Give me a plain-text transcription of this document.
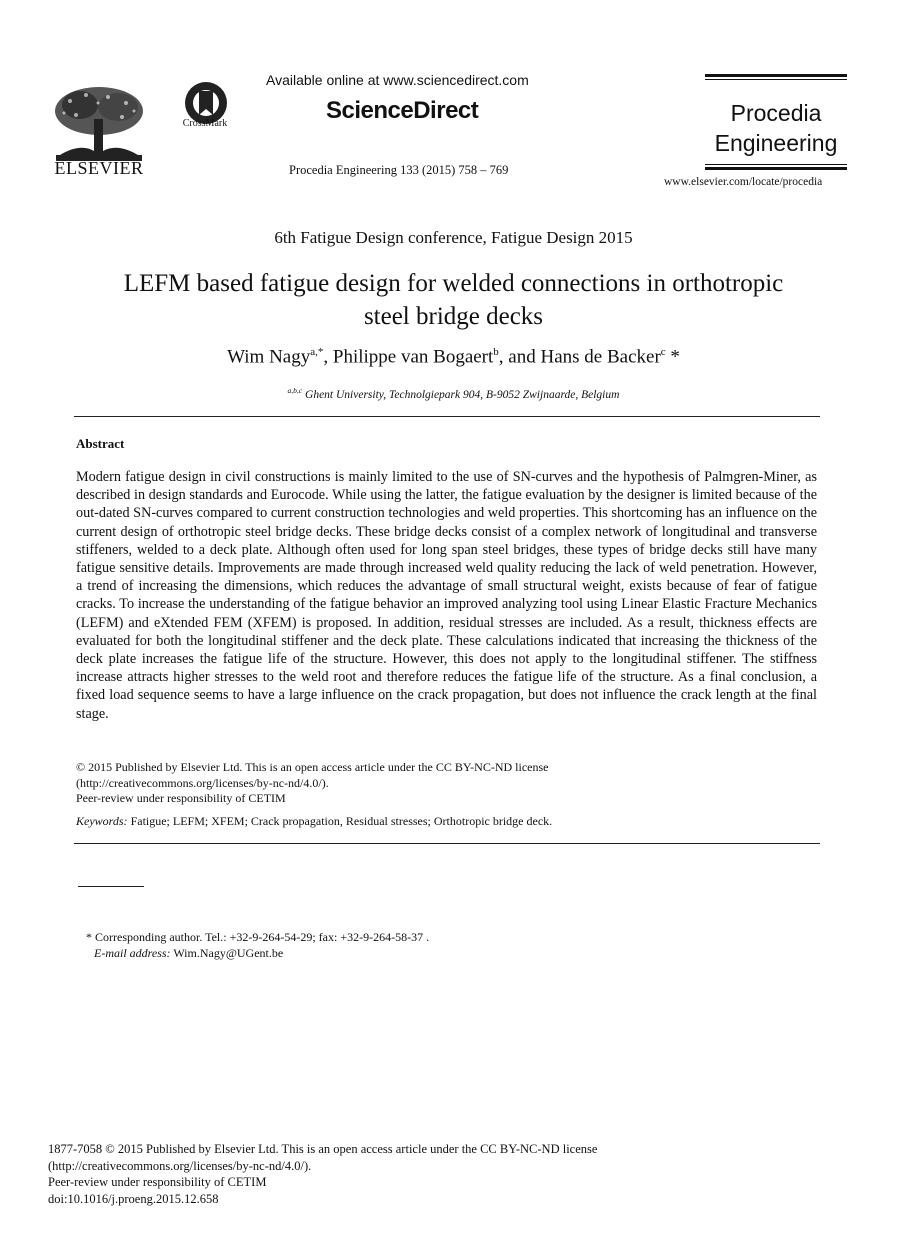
ELSEVIER
CrossMark
Available online at www.sciencedirect.com
ScienceDirect
Procedia Engineering 133 (2015) 758 – 769
Procedia
Engineering
www.elsevier.com/locate/procedia
6th Fatigue Design conference, Fatigue Design 2015
LEFM based fatigue design for welded connections in orthotropic
steel bridge decks
Wim Nagy$^{a,*}$, Philippe van Bogaert$^b$, and Hans de Backer$^c$ *
$^{a,b,c}$ Ghent University, Technolgiepark 904, B-9052 Zwijnaarde, Belgium
Abstract
Modern fatigue design in civil constructions is mainly limited to the use of SN-curves and the hypothesis of Palmgren-Miner, as described in design standards and Eurocode. While using the latter, the fatigue evaluation by the designer is limited because of the out-dated SN-curves compared to current construction technologies and weld properties. This shortcoming has an influence on the current design of orthotropic steel bridge decks. These bridge decks consist of a complex network of longitudinal and transverse stiffeners, welded to a deck plate. Although often used for long span steel bridges, these types of bridge decks still have many fatigue sensitive details. Improvements are made through increased weld quality reducing the lack of weld penetration. However, a trend of increasing the dimensions, which reduces the advantage of small structural weight, exists because of fear of fatigue cracks. To increase the understanding of the fatigue behavior an improved analyzing tool using Linear Elastic Fracture Mechanics (LEFM) and eXtended FEM (XFEM) is proposed. In addition, residual stresses are included. As a result, thickness effects are evaluated for both the longitudinal stiffener and the deck plate. These calculations indicated that increasing the thickness of the deck plate increases the fatigue life of the structure. However, this does not apply to the longitudinal stiffener. The stiffness increase attracts higher stresses to the weld root and therefore reduces the fatigue life of the structure. As a final conclusion, a fixed load sequence seems to have a large influence on the crack propagation, but does not influence the crack length at the final stage.
© 2015 Published by Elsevier Ltd. This is an open access article under the CC BY-NC-ND license
(http://creativecommons.org/licenses/by-nc-nd/4.0/).
Peer-review under responsibility of CETIM
Keywords: Fatigue; LEFM; XFEM; Crack propagation, Residual stresses; Orthotropic bridge deck.
* Corresponding author. Tel.: +32-9-264-54-29; fax: +32-9-264-58-37 .
E-mail address: Wim.Nagy@UGent.be
1877-7058 © 2015 Published by Elsevier Ltd. This is an open access article under the CC BY-NC-ND license
(http://creativecommons.org/licenses/by-nc-nd/4.0/).
Peer-review under responsibility of CETIM
doi:10.1016/j.proeng.2015.12.658
